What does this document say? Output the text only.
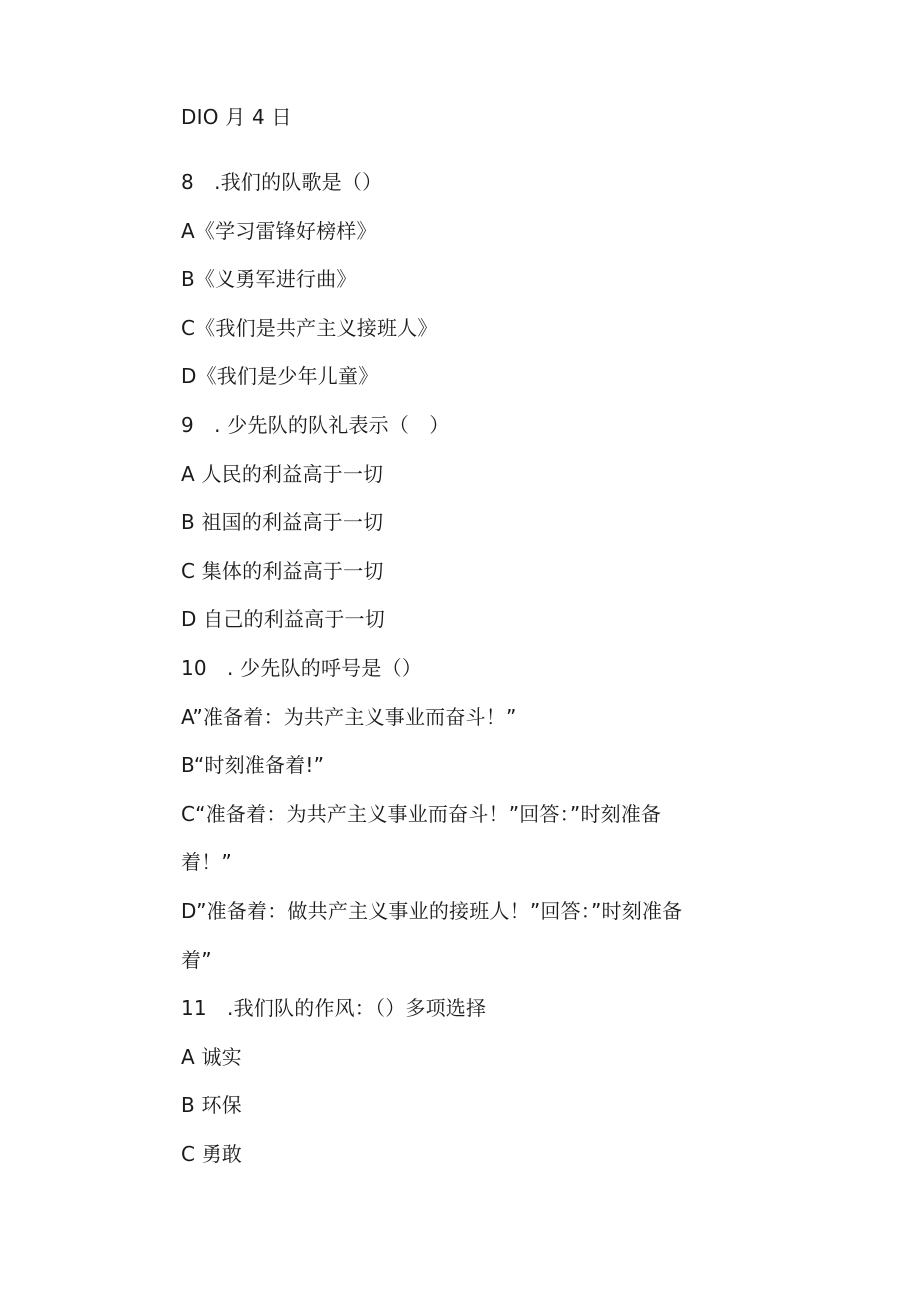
DIO 月 4 日
8　.我们的队歌是（）
A《学习雷锋好榜样》
B《义勇军进行曲》
C《我们是共产主义接班人》
D《我们是少年儿童》
9　. 少先队的队礼表示（　）
A 人民的利益高于一切
B 祖国的利益高于一切
C 集体的利益高于一切
D 自己的利益高于一切
10　. 少先队的呼号是（）
A”准备着：为共产主义事业而奋斗！”
B“时刻准备着!”
C“准备着：为共产主义事业而奋斗！”回答：”时刻准备
着！”
D”准备着：做共产主义事业的接班人！”回答：”时刻准备
着”
11　.我们队的作风：（）多项选择
A 诚实
B 环保
C 勇敢
